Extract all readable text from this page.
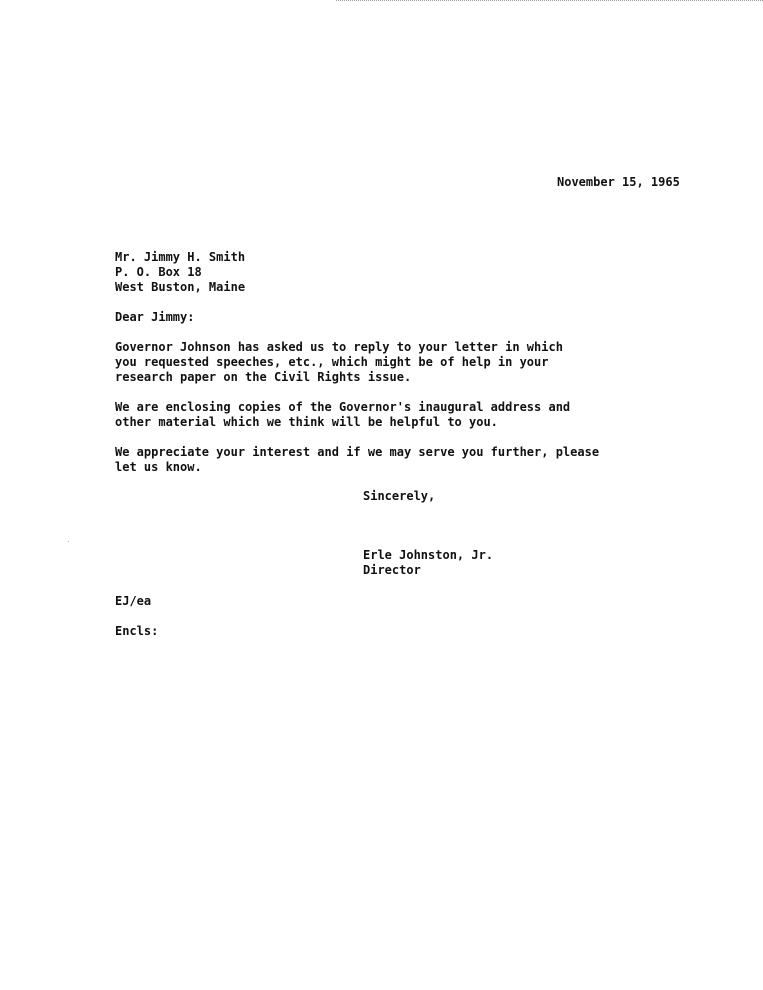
November 15, 1965
Mr. Jimmy H. Smith
P. O. Box 18
West Buston, Maine
Dear Jimmy:
Governor Johnson has asked us to reply to your letter in which
you requested speeches, etc., which might be of help in your
research paper on the Civil Rights issue.
We are enclosing copies of the Governor's inaugural address and
other material which we think will be helpful to you.
We appreciate your interest and if we may serve you further, please
let us know.
Sincerely,
Erle Johnston, Jr.
Director
EJ/ea
Encls:
